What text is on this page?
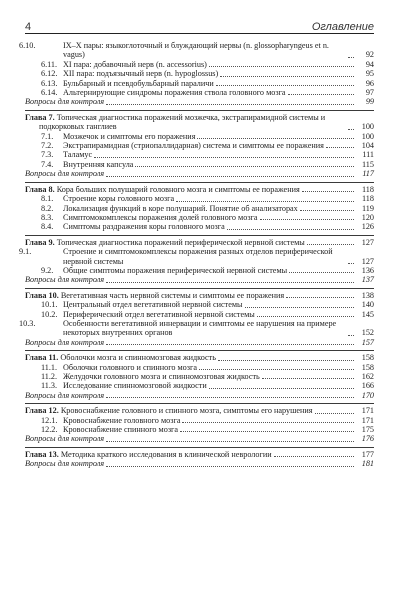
4	Оглавление
6.10.	IX–X пары: языкоглоточный и блуждающий нервы (n. glossopharyngeus et n. vagus)	92
6.11. XI пара: добавочный нерв (n. accessorius)	94
6.12. XII пара: подъязычный нерв (n. hypoglossus)	95
6.13. Бульбарный и псевдобульбарный параличи	96
6.14. Альтернирующие синдромы поражения ствола головного мозга	97
Вопросы для контроля	99
Глава 7. Топическая диагностика поражений мозжечка, экстрапирамидной системы и подкорковых ганглиев	100
7.1. Мозжечок и симптомы его поражения	100
7.2. Экстрапирамидная (стриопаллидарная) система и симптомы ее поражения	104
7.3. Таламус	111
7.4. Внутренняя капсула	115
Вопросы для контроля	117
Глава 8. Кора больших полушарий головного мозга и симптомы ее поражения	118
8.1. Строение коры головного мозга	118
8.2. Локализация функций в коре полушарий. Понятие об анализаторах	119
8.3. Симптомокомплексы поражения долей головного мозга	120
8.4. Симптомы раздражения коры головного мозга	126
Глава 9. Топическая диагностика поражений периферической нервной системы	127
9.1.	Строение и симптомокомплексы поражения разных отделов периферической нервной системы	127
9.2. Общие симптомы поражения периферической нервной системы	136
Вопросы для контроля	137
Глава 10. Вегетативная часть нервной системы и симптомы ее поражения	138
10.1. Центральный отдел вегетативной нервной системы	140
10.2. Периферический отдел вегетативной нервной системы	145
10.3.	Особенности вегетативной иннервации и симптомы ее нарушения на примере некоторых внутренних органов	152
Вопросы для контроля	157
Глава 11. Оболочки мозга и спинномозговая жидкость	158
11.1. Оболочки головного и спинного мозга	158
11.2. Желудочки головного мозга и спинномозговая жидкость	162
11.3. Исследование спинномозговой жидкости	166
Вопросы для контроля	170
Глава 12. Кровоснабжение головного и спинного мозга, симптомы его нарушения	171
12.1. Кровоснабжение головного мозга	171
12.2. Кровоснабжение спинного мозга	175
Вопросы для контроля	176
Глава 13. Методика краткого исследования в клинической неврологии	177
Вопросы для контроля	181
